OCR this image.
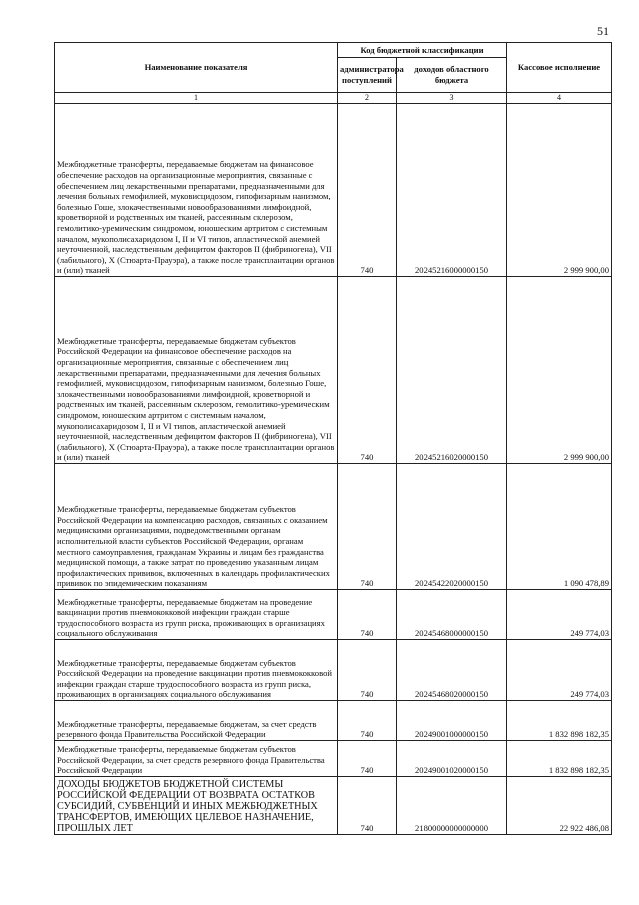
51
Наименование показателя	Код бюджетной классификации		Кассовое исполнение
	администратора поступлений	доходов областного бюджета	
1	2	3	4
Межбюджетные трансферты, передаваемые бюджетам на финансовое обеспечение расходов на организационные мероприятия, связанные с обеспечением лиц лекарственными препаратами, предназначенными для лечения больных гемофилией, муковисцидозом, гипофизарным нанизмом, болезнью Гоше, злокачественными новообразованиями лимфоидной, кроветворной и родственных им тканей, рассеянным склерозом, гемолитико-уремическим синдромом, юношеским артритом с системным началом, мукополисахаридозом I, II и VI типов, апластической анемией неуточненной, наследственным дефицитом факторов II (фибриногена), VII (лабильного), X (Стюарта-Прауэра), а также после трансплантации органов и (или) тканей	740	20245216000000150	2 999 900,00
Межбюджетные трансферты, передаваемые бюджетам субъектов Российской Федерации на финансовое обеспечение расходов на организационные мероприятия, связанные с обеспечением лиц лекарственными препаратами, предназначенными для лечения больных гемофилией, муковисцидозом, гипофизарным нанизмом, болезнью Гоше, злокачественными новообразованиями лимфоидной, кроветворной и родственных им тканей, рассеянным склерозом, гемолитико-уремическим синдромом, юношеским артритом с системным началом, мукополисахаридозом I, II и VI типов, апластической анемией неуточненной, наследственным дефицитом факторов II (фибриногена), VII (лабильного), X (Стюарта-Прауэра), а также после трансплантации органов и (или) тканей	740	20245216020000150	2 999 900,00
Межбюджетные трансферты, передаваемые бюджетам субъектов Российской Федерации на компенсацию расходов, связанных с оказанием медицинскими организациями, подведомственными органам исполнительной власти субъектов Российской Федерации, органам местного самоуправления, гражданам Украины и лицам без гражданства медицинской помощи, а также затрат по проведению указанным лицам профилактических прививок, включенных в календарь профилактических прививок по эпидемическим показаниям	740	20245422020000150	1 090 478,89
Межбюджетные трансферты, передаваемые бюджетам на проведение вакцинации против пневмококковой инфекции граждан старше трудоспособного возраста из групп риска, проживающих в организациях социального обслуживания	740	20245468000000150	249 774,03
Межбюджетные трансферты, передаваемые бюджетам субъектов Российской Федерации на проведение вакцинации против пневмококковой инфекции граждан старше трудоспособного возраста из групп риска, проживающих в организациях социального обслуживания	740	20245468020000150	249 774,03
Межбюджетные трансферты, передаваемые бюджетам, за счет средств резервного фонда Правительства Российской Федерации	740	20249001000000150	1 832 898 182,35
Межбюджетные трансферты, передаваемые бюджетам субъектов Российской Федерации, за счет средств резервного фонда Правительства Российской Федерации	740	20249001020000150	1 832 898 182,35
ДОХОДЫ БЮДЖЕТОВ БЮДЖЕТНОЙ СИСТЕМЫ РОССИЙСКОЙ ФЕДЕРАЦИИ ОТ ВОЗВРАТА ОСТАТКОВ СУБСИДИЙ, СУБВЕНЦИЙ И ИНЫХ МЕЖБЮДЖЕТНЫХ ТРАНСФЕРТОВ, ИМЕЮЩИХ ЦЕЛЕВОЕ НАЗНАЧЕНИЕ, ПРОШЛЫХ ЛЕТ	740	21800000000000000	22 922 486,08
